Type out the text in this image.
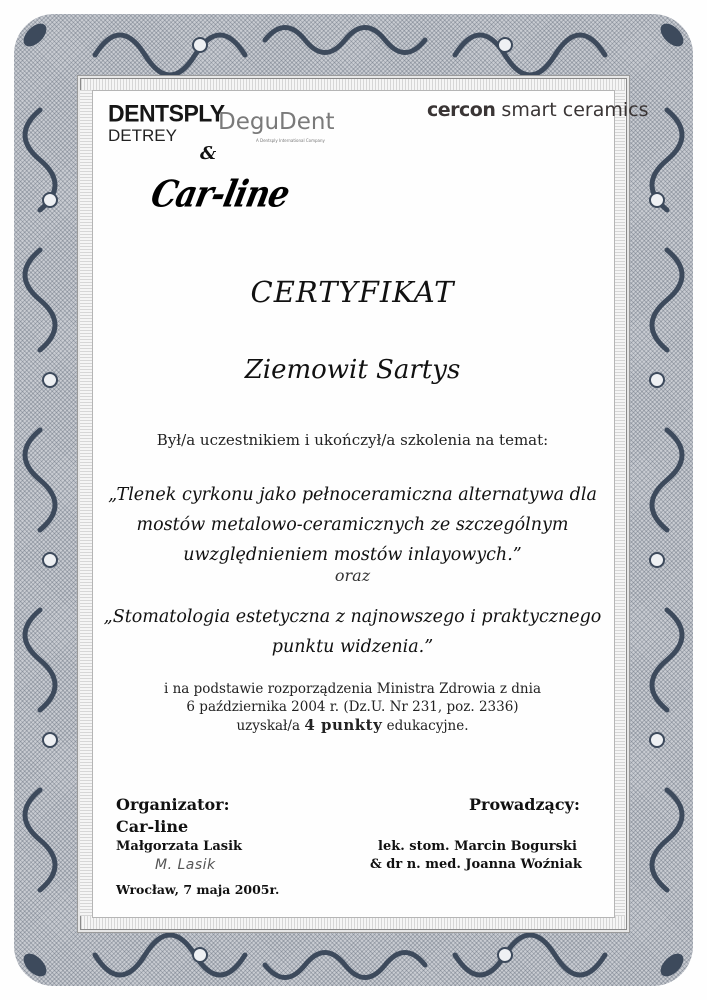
DENTSPLY
DETREY
DeguDent
A Dentsply International Company
cercon smart ceramics
&
Car-line
CERTYFIKAT
Ziemowit Sartys
Był/a uczestnikiem i ukończył/a szkolenia na temat:
„Tlenek cyrkonu jako pełnoceramiczna alternatywa dla
mostów metalowo-ceramicznych ze szczególnym
uwzględnieniem mostów inlayowych.”
oraz
„Stomatologia estetyczna z najnowszego i praktycznego
punktu widzenia.”
i na podstawie rozporządzenia Ministra Zdrowia z dnia
6 października 2004 r. (Dz.U. Nr 231, poz. 2336)
uzyskał/a 4 punkty edukacyjne.
Organizator:
Car-line
Małgorzata Lasik
M. Lasik
Wrocław, 7 maja 2005r.
Prowadzący:
lek. stom. Marcin Bogurski
& dr n. med. Joanna Woźniak
